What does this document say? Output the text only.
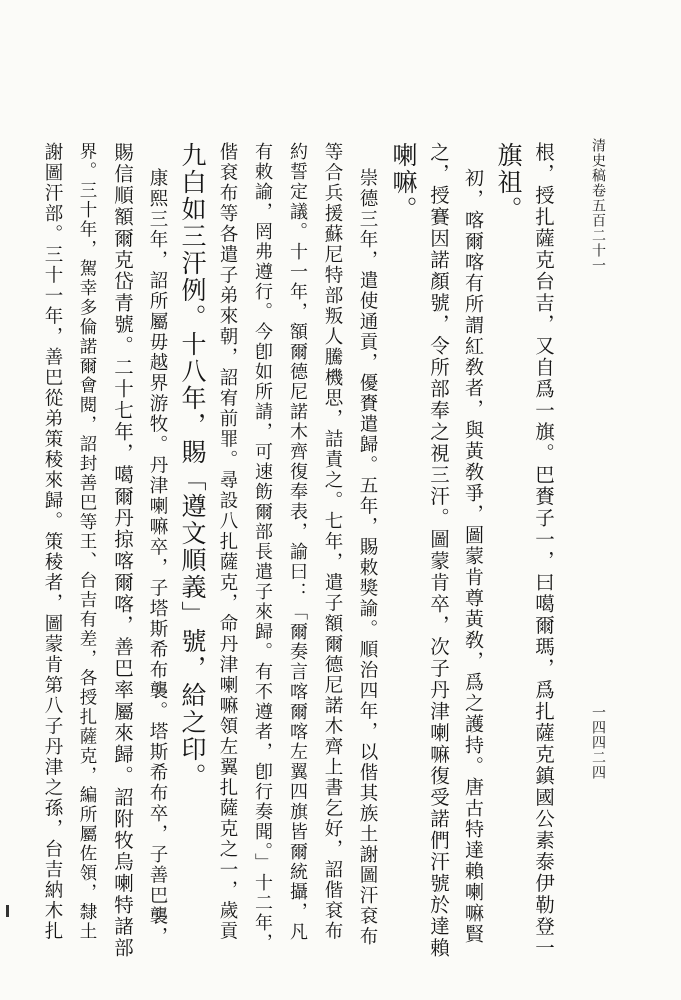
清史稿卷五百二十一
一四四二四
根，授扎薩克台吉，又自爲一旗。巴賚子一，曰噶爾瑪，爲扎薩克鎮國公素泰伊勒登一
旗祖。
初，喀爾喀有所謂紅敎者，與黃敎爭，圖蒙肯尊黃敎，爲之護持。唐古特達賴喇嘛賢
之，授賽因諾顏號，令所部奉之視三汗。圖蒙肯卒，次子丹津喇嘛復受諾們汗號於達賴
喇嘛。
崇德三年，遣使通貢，優賚遣歸。五年，賜敕獎諭。順治四年，以偕其族土謝圖汗袞布
等合兵援蘇尼特部叛人騰機思，詰責之。七年，遣子額爾德尼諾木齊上書乞好，詔偕袞布
約誓定議。十一年，額爾德尼諾木齊復奉表，諭曰：「爾奏言喀爾喀左翼四旗皆爾統攝，凡
有敕諭，罔弗遵行。今卽如所請，可速飭爾部長遣子來歸。有不遵者，卽行奏聞。」十二年，
偕袞布等各遣子弟來朝，詔宥前罪。尋設八扎薩克，命丹津喇嘛領左翼扎薩克之一，歲貢
九白如三汗例。十八年，賜「遵文順義」號，給之印。
康熙三年，詔所屬毋越界游牧。丹津喇嘛卒，子塔斯希布襲。塔斯希布卒，子善巴襲，
賜信順額爾克岱青號。二十七年，噶爾丹掠喀爾喀，善巴率屬來歸。詔附牧烏喇特諸部
界。三十年，駕幸多倫諾爾會閱，詔封善巴等王、台吉有差，各授扎薩克，編所屬佐領，隸土
謝圖汗部。三十一年，善巴從弟策稜來歸。策稜者，圖蒙肯第八子丹津之孫，台吉納木扎
